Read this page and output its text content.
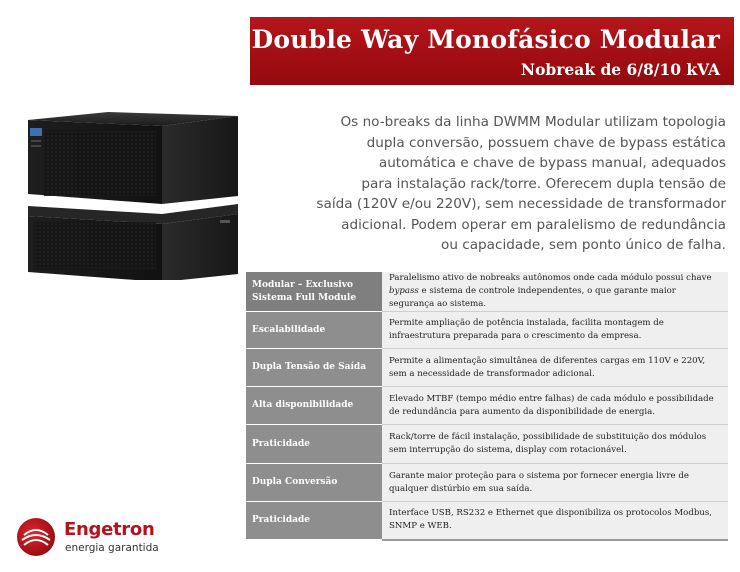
Double Way Monofásico Modular
Nobreak de 6/8/10 kVA
Os no-breaks da linha DWMM Modular utilizam topologia
dupla conversão, possuem chave de bypass estática
automática e chave de bypass manual, adequados
para instalação rack/torre. Oferecem dupla tensão de
saída (120V e/ou 220V), sem necessidade de transformador
adicional. Podem operar em paralelismo de redundância
ou capacidade, sem ponto único de falha.
Modular – Exclusivo Sistema Full Module	Paralelismo ativo de nobreaks autônomos onde cada módulo possui chave bypass e sistema de controle independentes, o que garante maior segurança ao sistema.
Escalabilidade	Permite ampliação de potência instalada, facilita montagem de infraestrutura preparada para o crescimento da empresa.
Dupla Tensão de Saída	Permite a alimentação simultânea de diferentes cargas em 110V e 220V, sem a necessidade de transformador adicional.
Alta disponibilidade	Elevado MTBF (tempo médio entre falhas) de cada módulo e possibilidade de redundância para aumento da disponibilidade de energia.
Praticidade	Rack/torre de fácil instalação, possibilidade de substituição dos módulos sem interrupção do sistema, display com rotacionável.
Dupla Conversão	Garante maior proteção para o sistema por fornecer energia livre de qualquer distúrbio em sua saída.
Praticidade	Interface USB, RS232 e Ethernet que disponibiliza os protocolos Modbus, SNMP e WEB.
Engetron
energia garantida
